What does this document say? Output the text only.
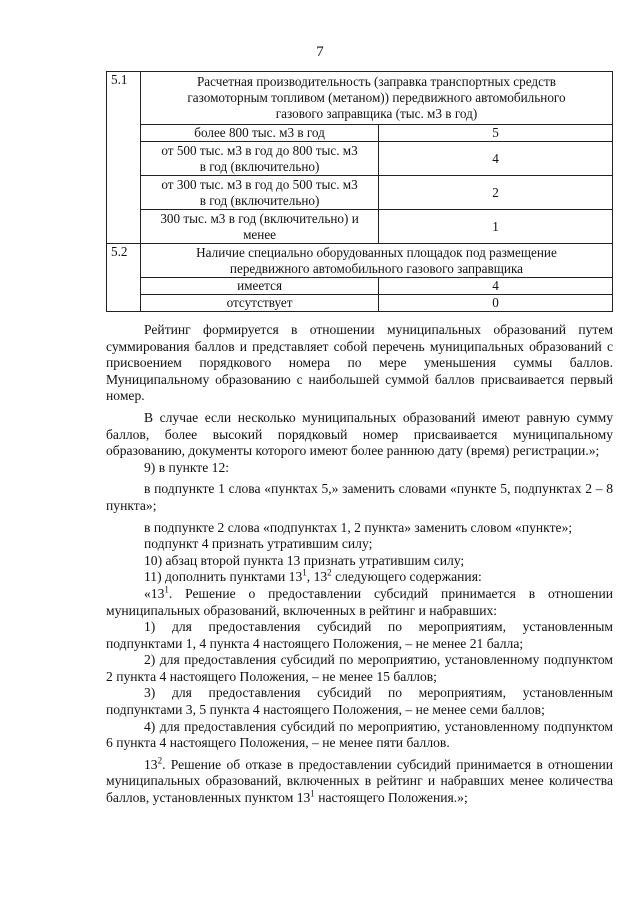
7
5.1	Расчетная производительность (заправка транспортных средств
газомоторным топливом (метаном)) передвижного автомобильного
газового заправщика (тыс. м3 в год)	

	более 800 тыс. м3 в год	5

	от 500 тыс. м3 в год до 800 тыс. м3
в год (включительно)	4

	от 300 тыс. м3 в год до 500 тыс. м3
в год (включительно)	2

	300 тыс. м3 в год (включительно) и
менее	1
5.2	Наличие специально оборудованных площадок под размещение
передвижного автомобильного газового заправщика	

	имеется	4
	отсутствует	0

Рейтинг формируется в отношении муниципальных образований путем суммирования баллов и представляет собой перечень муниципальных образований с присвоением порядкового номера по мере уменьшения суммы баллов. Муниципальному образованию с наибольшей суммой баллов присваивается первый номер.

В случае если несколько муниципальных образований имеют равную сумму баллов, более высокий порядковый номер присваивается муниципальному образованию, документы которого имеют более раннюю дату (время) регистрации.»;

9) в пункте 12:

в подпункте 1 слова «пунктах 5,» заменить словами «пункте 5, подпунктах 2 – 8 пункта»;

в подпункте 2 слова «подпунктах 1, 2 пункта» заменить словом «пункте»;

подпункт 4 признать утратившим силу;

10) абзац второй пункта 13 признать утратившим силу;

11) дополнить пунктами $13^1$, $13^2$ следующего содержания:

«$13^1$. Решение о предоставлении субсидий принимается в отношении муниципальных образований, включенных в рейтинг и набравших:

1) для предоставления субсидий по мероприятиям, установленным подпунктами 1, 4 пункта 4 настоящего Положения, – не менее 21 балла;

2) для предоставления субсидий по мероприятию, установленному подпунктом 2 пункта 4 настоящего Положения, – не менее 15 баллов;

3) для предоставления субсидий по мероприятиям, установленным подпунктами 3, 5 пункта 4 настоящего Положения, – не менее семи баллов;

4) для предоставления субсидий по мероприятию, установленному подпунктом 6 пункта 4 настоящего Положения, – не менее пяти баллов.

$13^2$. Решение об отказе в предоставлении субсидий принимается в отношении муниципальных образований, включенных в рейтинг и набравших менее количества баллов, установленных пунктом $13^1$ настоящего Положения.»;
